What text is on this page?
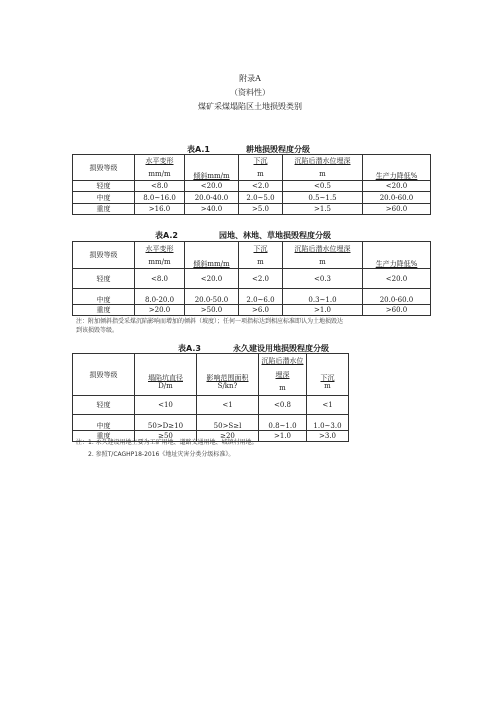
附录A
（资料性）
煤矿采煤塌陷区土地损毁类别
表A.1	耕地损毁程度分级
损毁等级	水平变形	倾斜mm/m	下沉	沉陷后潜水位埋深	生产力降低%
	mm/m		m	m	
轻度	<8.0	<20.0	<2.0	<0.5	<20.0
中度	8.0~16.0	20.0-40.0	2.0~5.0	0.5~1.5	20.0-60.0
重度	>16.0	>40.0	>5.0	>1.5	>60.0
表A.2	园地、林地、草地损毁程度分级
损毁等级	水平变形	倾斜mm/m	下沉	沉陷后潜水位埋深	生产力降低%
	mm/m		m	m	
轻度	<8.0	<20.0	<2.0	<0.3	<20.0
中度	8.0-20.0	20.0-50.0	2.0~6.0	0.3~1.0	20.0-60.0
重度	>20.0	>50.0	>6.0	>1.0	>60.0
注：附加倾斜指受采煤沉陷影响而增加的倾斜（坡度）；任何一项指标达到相应标准即认为土地损毁达
到该损毁等级。
表A.3	永久建设用地损毁程度分级
损毁等级	塌陷坑直径	影响范围面积	沉陷后潜水位	下沉
			埋深	
	D/m	S/kn?	m	m
轻度	<10	<1	<0.8	<1
中度	50>D≥10	50>S≥l	0.8~1.0	1.0~3.0
重度	≥50	≥20	>1.0	>3.0
注：1. 永久建设用地主要为工矿用地、道路交通用地、城镇村用地。
2. 参照T/CAGHP18-2016《地址灾害分类分级标准》。
